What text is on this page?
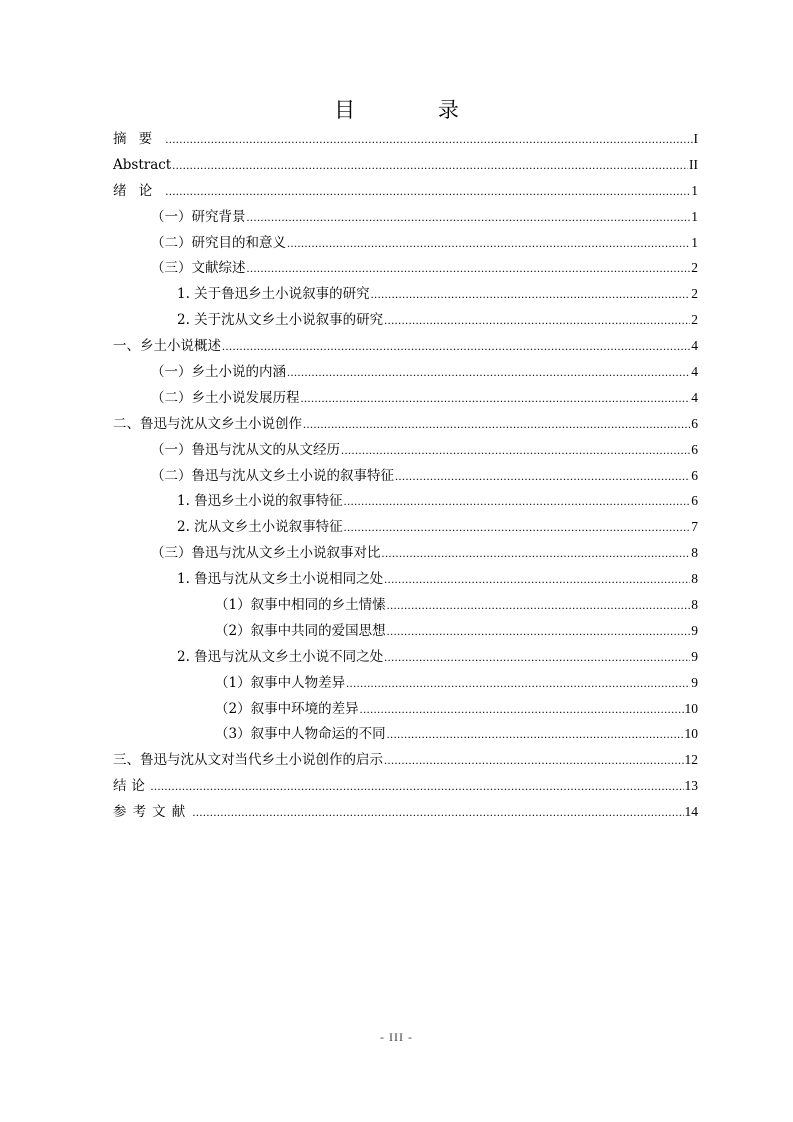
目 录
摘要 .....	I
Abstract .....	II
绪论 .....	1
（一）研究背景 .....	1
（二）研究目的和意义 .....	1
（三）文献综述 .....	2
1. 关于鲁迅乡土小说叙事的研究 .....	2
2. 关于沈从文乡土小说叙事的研究 .....	2
一、乡土小说概述 .....	4
（一）乡土小说的内涵 .....	4
（二）乡土小说发展历程 .....	4
二、鲁迅与沈从文乡土小说创作 .....	6
（一）鲁迅与沈从文的从文经历 .....	6
（二）鲁迅与沈从文乡土小说的叙事特征 .....	6
1. 鲁迅乡土小说的叙事特征 .....	6
2. 沈从文乡土小说叙事特征 .....	7
（三）鲁迅与沈从文乡土小说叙事对比 .....	8
1. 鲁迅与沈从文乡土小说相同之处 .....	8
（1）叙事中相同的乡土情愫 .....	8
（2）叙事中共同的爱国思想 .....	9
2. 鲁迅与沈从文乡土小说不同之处 .....	9
（1）叙事中人物差异 .....	9
（2）叙事中环境的差异 .....	10
（3）叙事中人物命运的不同 .....	10
三、鲁迅与沈从文对当代乡土小说创作的启示 .....	12
结论 .....	13
参考文献 .....	14
- III -
